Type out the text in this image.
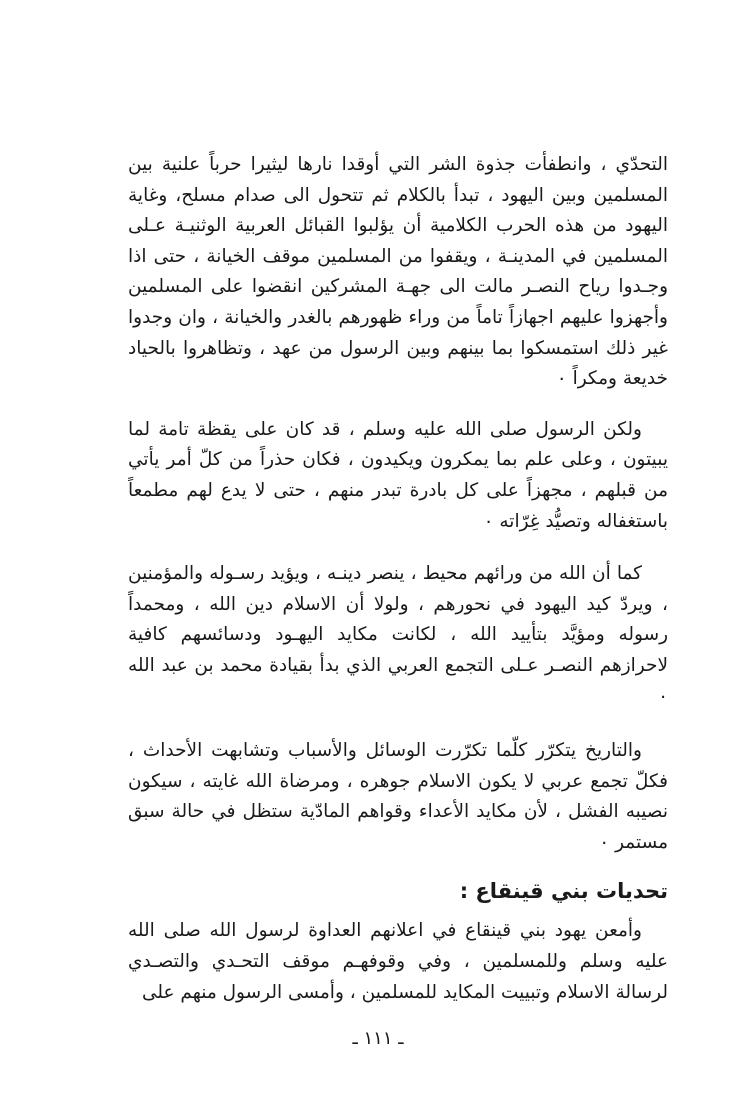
التحدّي ، وانطفأت جذوة الشر التي أوقدا نارها ليثيرا حرباً علنية بين المسلمين وبين اليهود ، تبدأ بالكلام ثم تتحول الى صدام مسلح، وغاية اليهود من هذه الحرب الكلامية أن يؤلبوا القبائل العربية الوثنيـة عـلى المسلمين في المدينـة ، ويقفوا من المسلمين موقف الخيانة ، حتى اذا وجـدوا رياح النصـر مالت الى جهـة المشركين انقضوا على المسلمين وأجهزوا عليهم اجهازاً تاماً من وراء ظهورهم بالغدر والخيانة ، وان وجدوا غير ذلك استمسكوا بما بينهم وبين الرسول من عهد ، وتظاهروا بالحياد خديعة ومكراً ٠

ولكن الرسول صلى الله عليه وسلم ، قد كان على يقظة تامة لما يبيتون ، وعلى علم بما يمكرون ويكيدون ، فكان حذراً من كلّ أمر يأتي من قبلهم ، مجهزاً على كل بادرة تبدر منهم ، حتى لا يدع لهم مطمعاً باستغفاله وتصيُّد غِرّاته ٠

كما أن الله من ورائهم محيط ، ينصر دينـه ، ويؤيد رسـوله والمؤمنين ، ويردّ كيد اليهود في نحورهم ، ولولا أن الاسلام دين الله ، ومحمداً رسوله ومؤيَّد بتأييد الله ، لكانت مكايد اليهـود ودسائسهم كافية لاحرازهم النصـر عـلى التجمع العربي الذي بدأ بقيادة محمد بن عبد الله ٠

والتاريخ يتكرّر كلّما تكرّرت الوسائل والأسباب وتشابهت الأحداث ، فكلّ تجمع عربي لا يكون الاسلام جوهره ، ومرضاة الله غايته ، سيكون نصيبه الفشل ، لأن مكايد الأعداء وقواهم المادّية ستظل في حالة سبق مستمر ٠

تحديات بني قينقاع :

وأمعن يهود بني قينقاع في اعلانهم العداوة لرسول الله صلى الله عليه وسلم وللمسلمين ، وفي وقوفهـم موقف التحـدي والتصـدي لرسالة الاسلام وتبييت المكايد للمسلمين ، وأمسى الرسول منهم على

ـ ١١١ ـ
